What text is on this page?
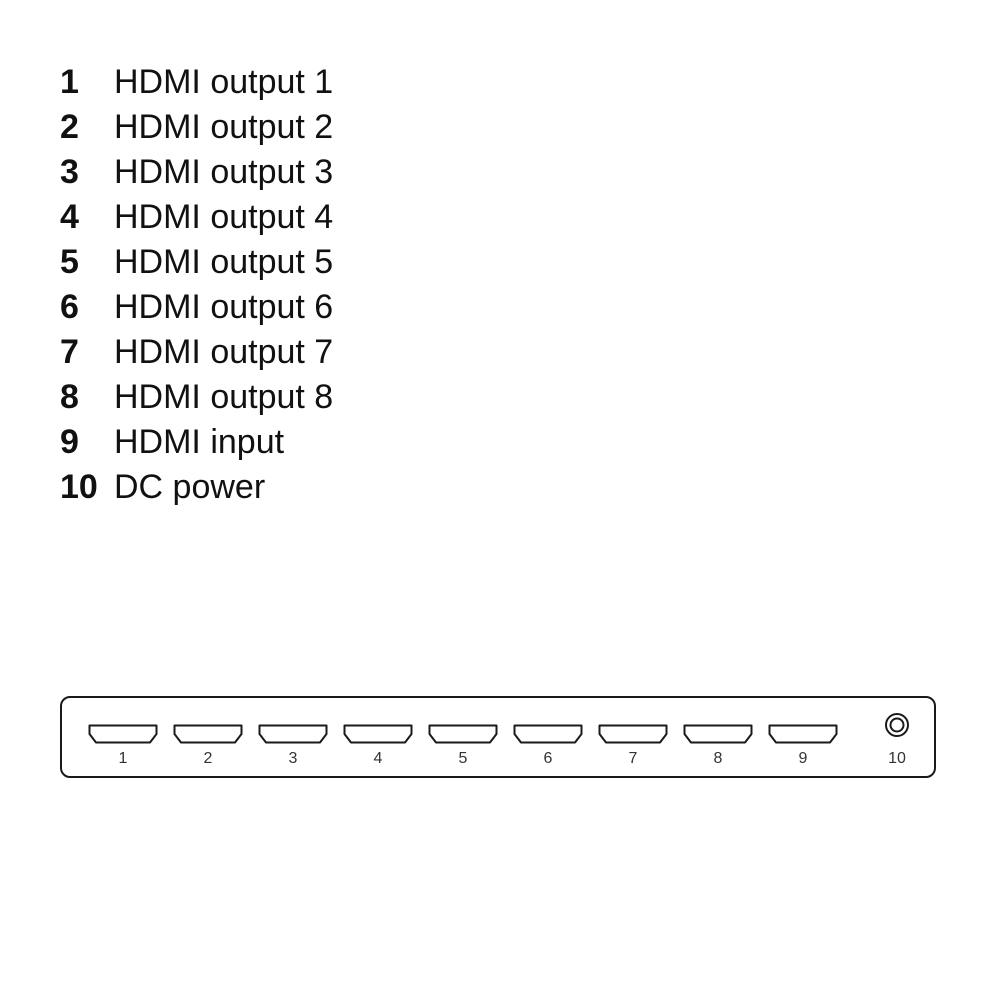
1	HDMI output 1
2	HDMI output 2
3	HDMI output 3
4	HDMI output 4
5	HDMI output 5
6	HDMI output 6
7	HDMI output 7
8	HDMI output 8
9	HDMI input
10 DC power
1	2	3	4	5	6	7	8	9	10
